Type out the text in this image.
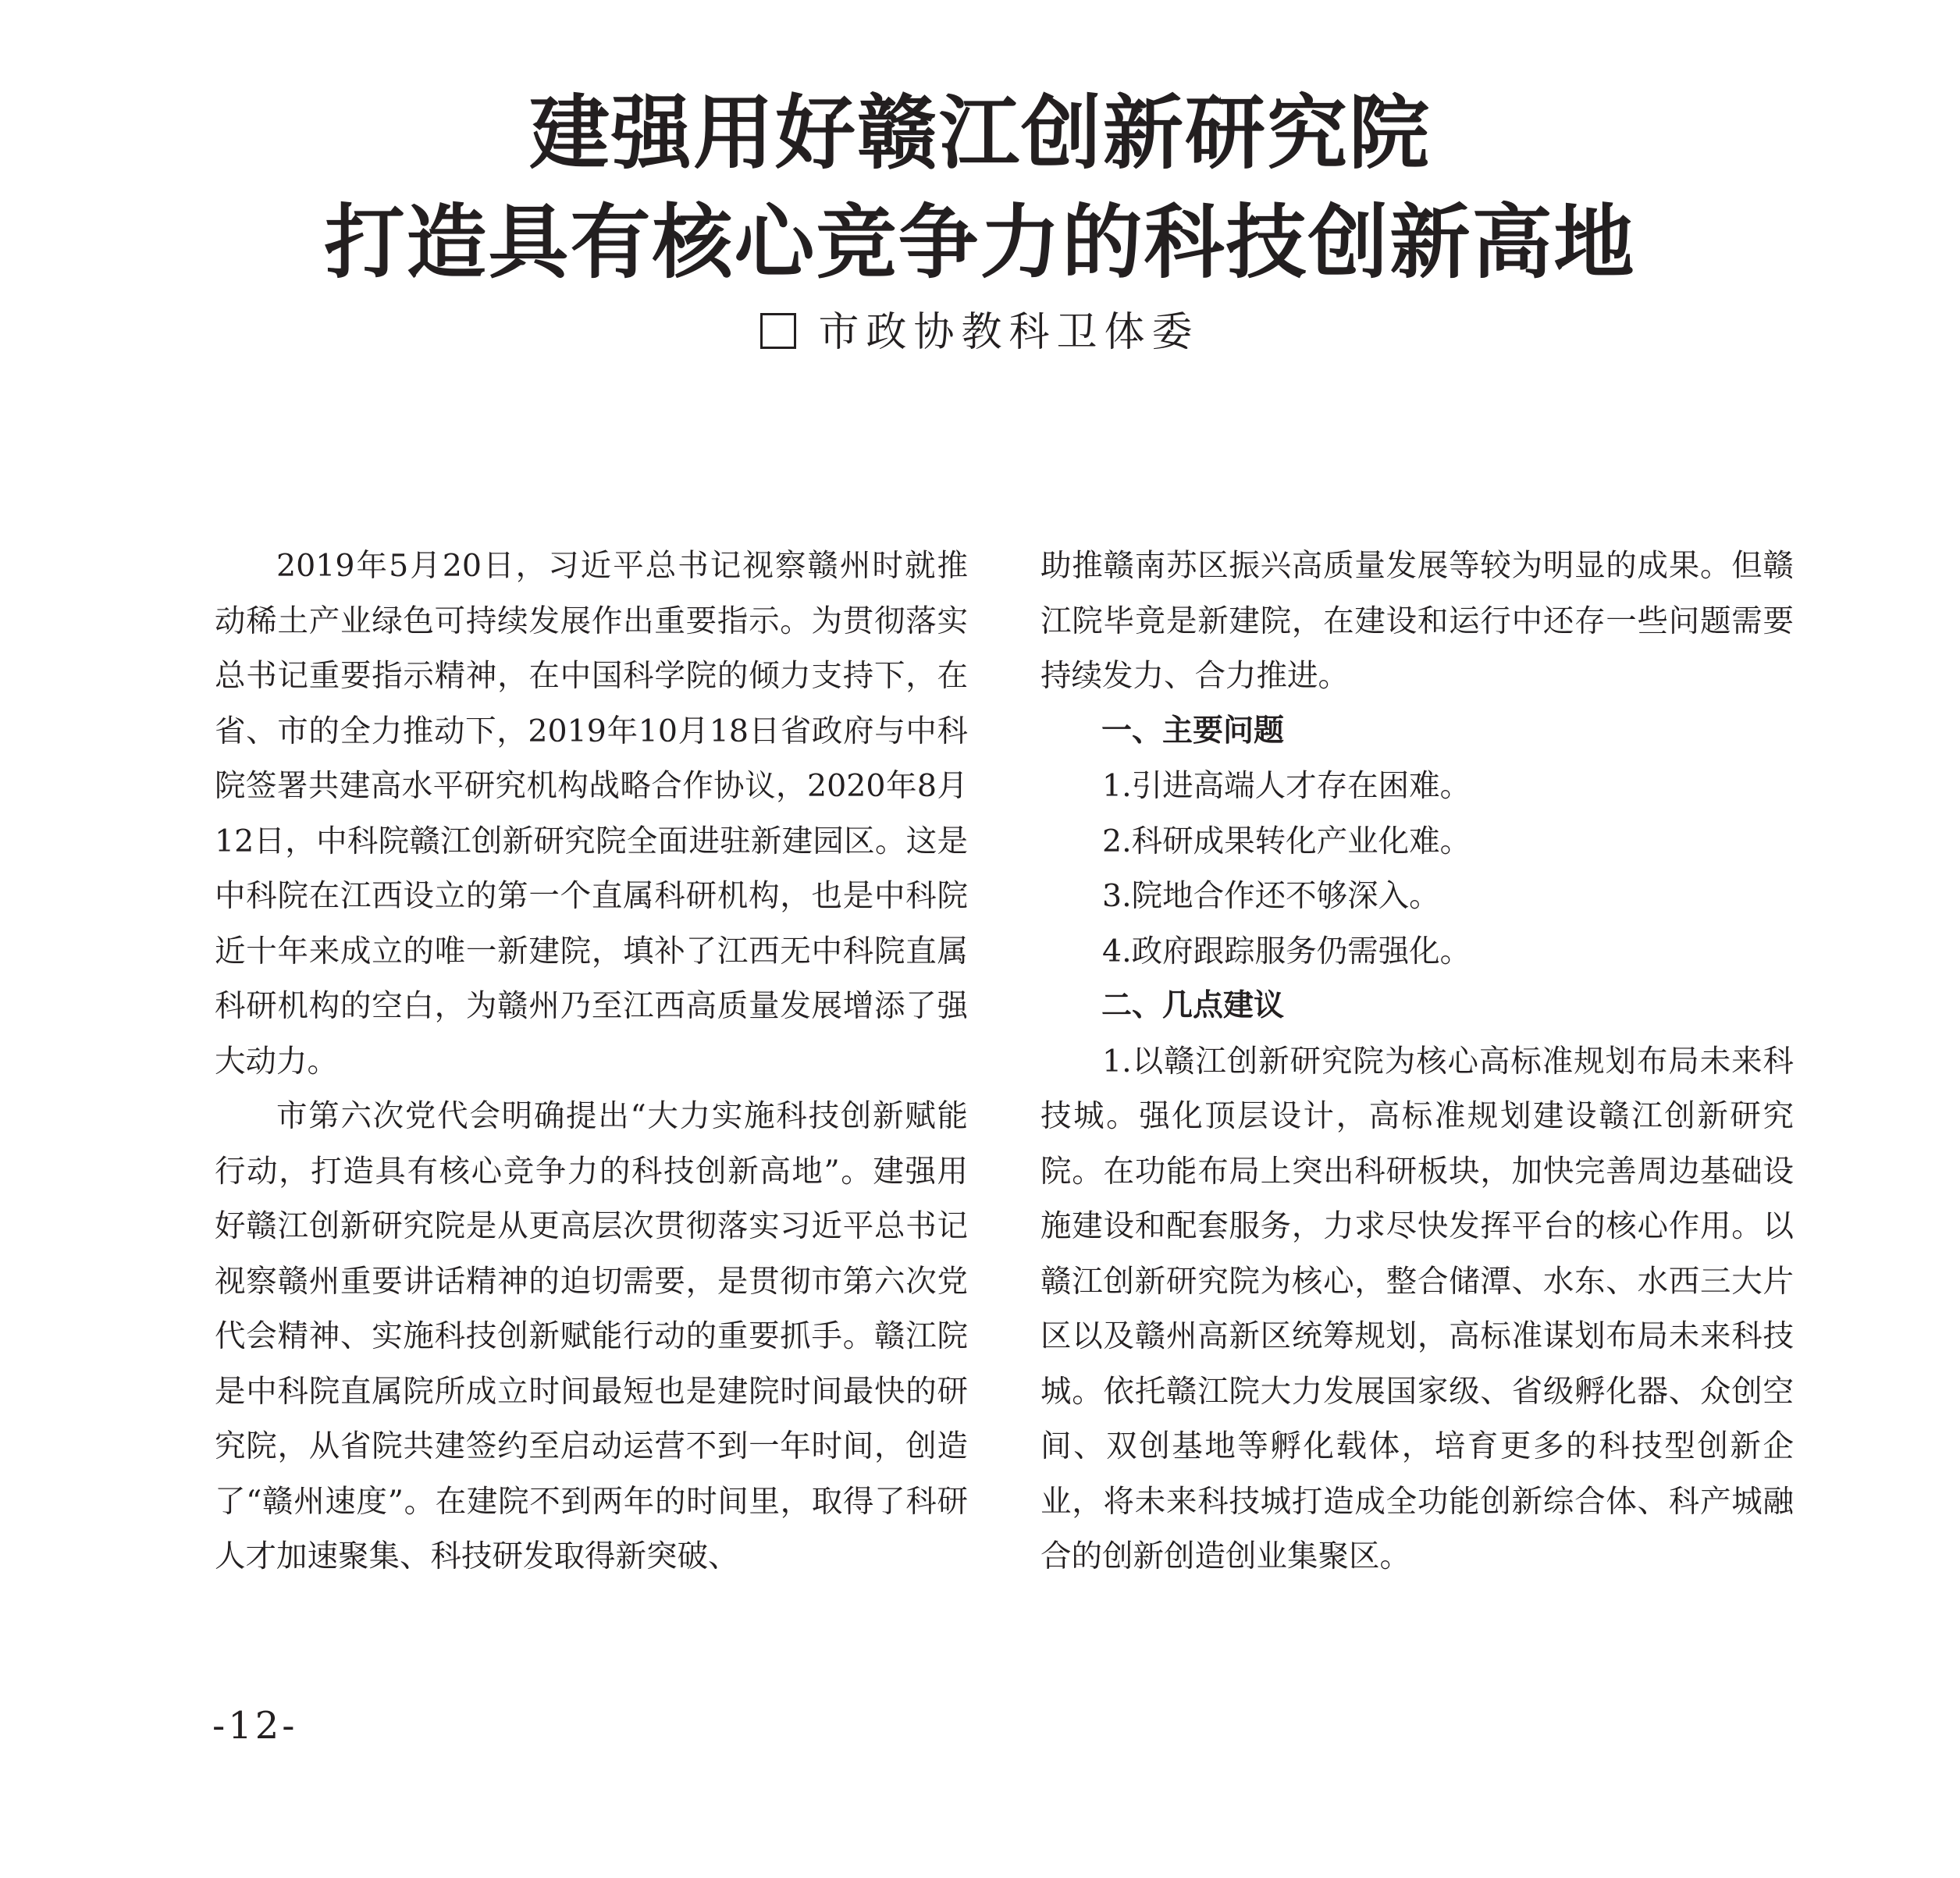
建强用好赣江创新研究院
打造具有核心竞争力的科技创新高地
市政协教科卫体委

2019年5月20日，习近平总书记视察赣州时就推动稀土产业绿色可持续发展作出重要指示。为贯彻落实总书记重要指示精神，在中国科学院的倾力支持下，在省、市的全力推动下，2019年10月18日省政府与中科院签署共建高水平研究机构战略合作协议，2020年8月12日，中科院赣江创新研究院全面进驻新建园区。这是中科院在江西设立的第一个直属科研机构，也是中科院近十年来成立的唯一新建院，填补了江西无中科院直属科研机构的空白，为赣州乃至江西高质量发展增添了强大动力。

市第六次党代会明确提出“大力实施科技创新赋能行动，打造具有核心竞争力的科技创新高地”。建强用好赣江创新研究院是从更高层次贯彻落实习近平总书记视察赣州重要讲话精神的迫切需要，是贯彻市第六次党代会精神、实施科技创新赋能行动的重要抓手。赣江院是中科院直属院所成立时间最短也是建院时间最快的研究院，从省院共建签约至启动运营不到一年时间，创造了“赣州速度”。在建院不到两年的时间里，取得了科研人才加速聚集、科技研发取得新突破、

助推赣南苏区振兴高质量发展等较为明显的成果。但赣江院毕竟是新建院，在建设和运行中还存一些问题需要持续发力、合力推进。

一、主要问题

1.引进高端人才存在困难。

2.科研成果转化产业化难。

3.院地合作还不够深入。

4.政府跟踪服务仍需强化。

二、几点建议

1.以赣江创新研究院为核心高标准规划布局未来科技城。强化顶层设计，高标准规划建设赣江创新研究院。在功能布局上突出科研板块，加快完善周边基础设施建设和配套服务，力求尽快发挥平台的核心作用。以赣江创新研究院为核心，整合储潭、水东、水西三大片区以及赣州高新区统筹规划，高标准谋划布局未来科技城。依托赣江院大力发展国家级、省级孵化器、众创空间、双创基地等孵化载体，培育更多的科技型创新企业，将未来科技城打造成全功能创新综合体、科产城融合的创新创造创业集聚区。

-12-
